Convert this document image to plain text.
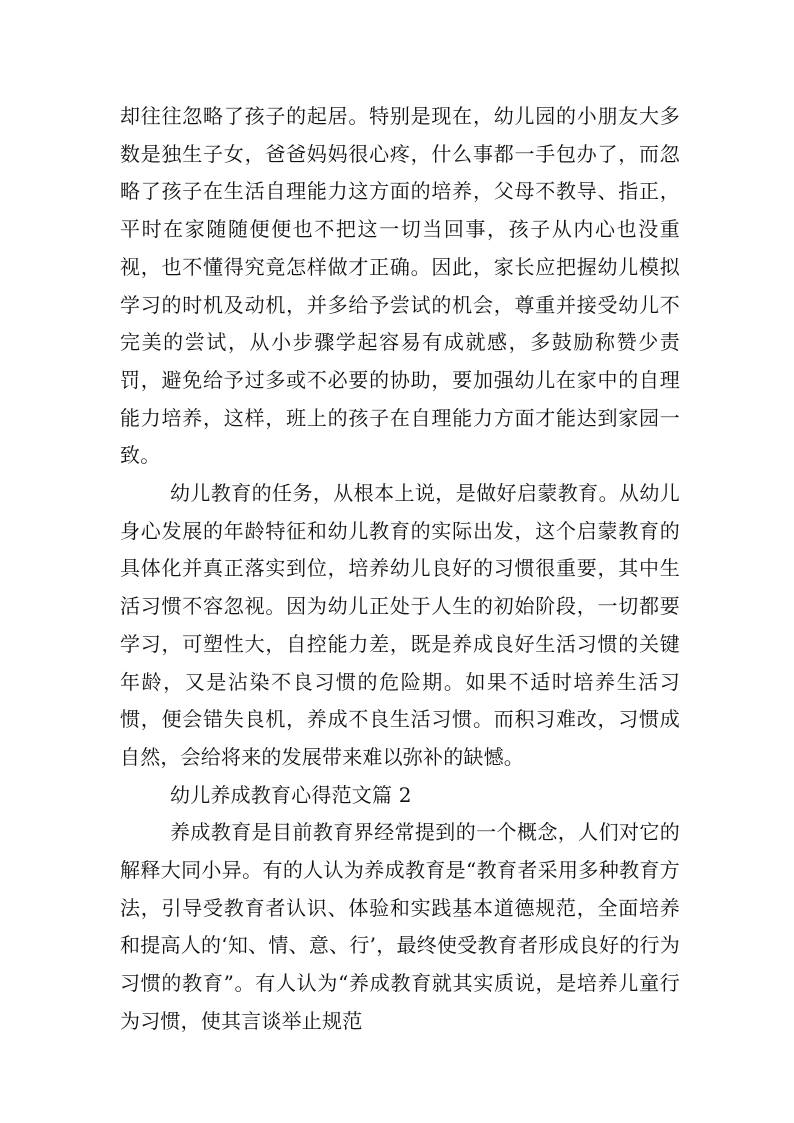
却往往忽略了孩子的起居。特别是现在，幼儿园的小朋友大多数是独生子女，爸爸妈妈很心疼，什么事都一手包办了，而忽略了孩子在生活自理能力这方面的培养，父母不教导、指正，平时在家随随便便也不把这一切当回事，孩子从内心也没重视，也不懂得究竟怎样做才正确。因此，家长应把握幼儿模拟学习的时机及动机，并多给予尝试的机会，尊重并接受幼儿不完美的尝试，从小步骤学起容易有成就感，多鼓励称赞少责罚，避免给予过多或不必要的协助，要加强幼儿在家中的自理能力培养，这样，班上的孩子在自理能力方面才能达到家园一致。

幼儿教育的任务，从根本上说，是做好启蒙教育。从幼儿身心发展的年龄特征和幼儿教育的实际出发，这个启蒙教育的具体化并真正落实到位，培养幼儿良好的习惯很重要，其中生活习惯不容忽视。因为幼儿正处于人生的初始阶段，一切都要学习，可塑性大，自控能力差，既是养成良好生活习惯的关键年龄，又是沾染不良习惯的危险期。如果不适时培养生活习惯，便会错失良机，养成不良生活习惯。而积习难改，习惯成自然，会给将来的发展带来难以弥补的缺憾。

幼儿养成教育心得范文篇 2

养成教育是目前教育界经常提到的一个概念，人们对它的解释大同小异。有的人认为养成教育是“教育者采用多种教育方法，引导受教育者认识、体验和实践基本道德规范，全面培养和提高人的‘知、情、意、行’，最终使受教育者形成良好的行为习惯的教育”。有人认为“养成教育就其实质说，是培养儿童行为习惯，使其言谈举止规范
